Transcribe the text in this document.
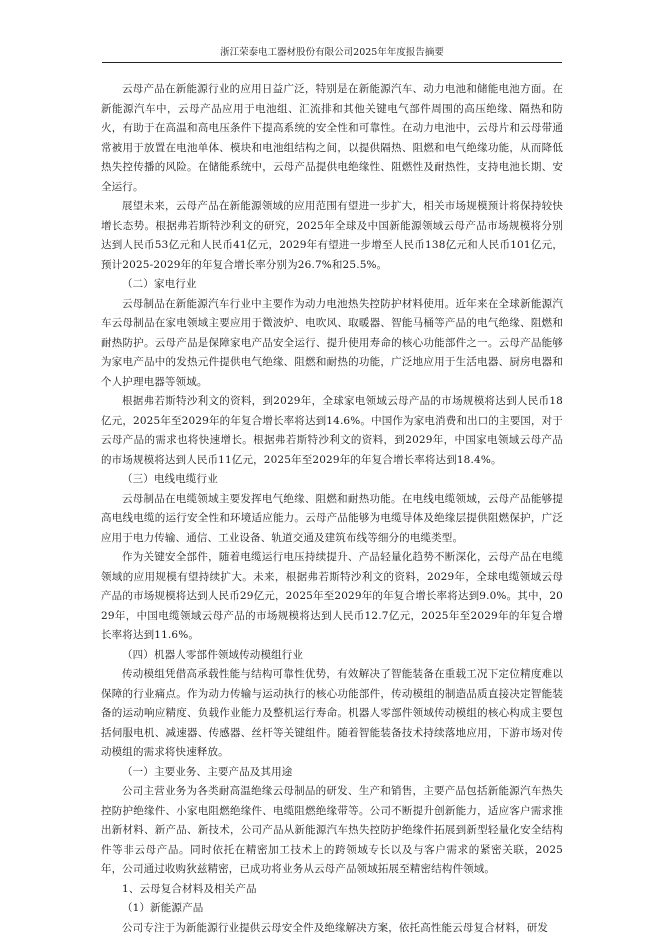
浙江荣泰电工器材股份有限公司2025年年度报告摘要

云母产品在新能源行业的应用日益广泛，特别是在新能源汽车、动力电池和储能电池方面。在新能源汽车中，云母产品应用于电池组、汇流排和其他关键电气部件周围的高压绝缘、隔热和防火，有助于在高温和高电压条件下提高系统的安全性和可靠性。在动力电池中，云母片和云母带通常被用于放置在电池单体、模块和电池组结构之间，以提供隔热、阻燃和电气绝缘功能，从而降低热失控传播的风险。在储能系统中，云母产品提供电绝缘性、阻燃性及耐热性，支持电池长期、安全运行。

展望未来，云母产品在新能源领域的应用范围有望进一步扩大，相关市场规模预计将保持较快增长态势。根据弗若斯特沙利文的研究，2025年全球及中国新能源领域云母产品市场规模将分别达到人民币53亿元和人民币41亿元，2029年有望进一步增至人民币138亿元和人民币101亿元，预计2025-2029年的年复合增长率分别为26.7%和25.5%。

（二）家电行业

云母制品在新能源汽车行业中主要作为动力电池热失控防护材料使用。近年来在全球新能源汽车云母制品在家电领域主要应用于微波炉、电吹风、取暖器、智能马桶等产品的电气绝缘、阻燃和耐热防护。云母产品是保障家电产品安全运行、提升使用寿命的核心功能部件之一。云母产品能够为家电产品中的发热元件提供电气绝缘、阻燃和耐热的功能，广泛地应用于生活电器、厨房电器和个人护理电器等领域。

根据弗若斯特沙利文的资料，到2029年，全球家电领域云母产品的市场规模将达到人民币18亿元，2025年至2029年的年复合增长率将达到14.6%。中国作为家电消费和出口的主要国，对于云母产品的需求也将快速增长。根据弗若斯特沙利文的资料，到2029年，中国家电领域云母产品的市场规模将达到人民币11亿元，2025年至2029年的年复合增长率将达到18.4%。

（三）电线电缆行业

云母制品在电缆领域主要发挥电气绝缘、阻燃和耐热功能。在电线电缆领域，云母产品能够提高电线电缆的运行安全性和环境适应能力。云母产品能够为电缆导体及绝缘层提供阻燃保护，广泛应用于电力传输、通信、工业设备、轨道交通及建筑布线等细分的电缆类型。

作为关键安全部件，随着电缆运行电压持续提升、产品轻量化趋势不断深化，云母产品在电缆领域的应用规模有望持续扩大。未来，根据弗若斯特沙利文的资料，2029年，全球电缆领域云母产品的市场规模将达到人民币29亿元，2025年至2029年的年复合增长率将达到9.0%。其中，2029年，中国电缆领域云母产品的市场规模将达到人民币12.7亿元，2025年至2029年的年复合增长率将达到11.6%。

（四）机器人零部件领域传动模组行业

传动模组凭借高承载性能与结构可靠性优势，有效解决了智能装备在重载工况下定位精度难以保障的行业痛点。作为动力传输与运动执行的核心功能部件，传动模组的制造品质直接决定智能装备的运动响应精度、负载作业能力及整机运行寿命。机器人零部件领域传动模组的核心构成主要包括伺服电机、减速器、传感器、丝杆等关键组件。随着智能装备技术持续落地应用，下游市场对传动模组的需求将快速释放。

（一）主要业务、主要产品及其用途

公司主营业务为各类耐高温绝缘云母制品的研发、生产和销售，主要产品包括新能源汽车热失控防护绝缘件、小家电阻燃绝缘件、电缆阻燃绝缘带等。公司不断提升创新能力，适应客户需求推出新材料、新产品、新技术，公司产品从新能源汽车热失控防护绝缘件拓展到新型轻量化安全结构件等非云母产品。同时依托在精密加工技术上的跨领域专长以及与客户需求的紧密关联，2025年，公司通过收购狄兹精密，已成功将业务从云母产品领域拓展至精密结构件领域。

1、云母复合材料及相关产品

（1）新能源产品

公司专注于为新能源行业提供云母安全件及绝缘解决方案，依托高性能云母复合材料，研发
